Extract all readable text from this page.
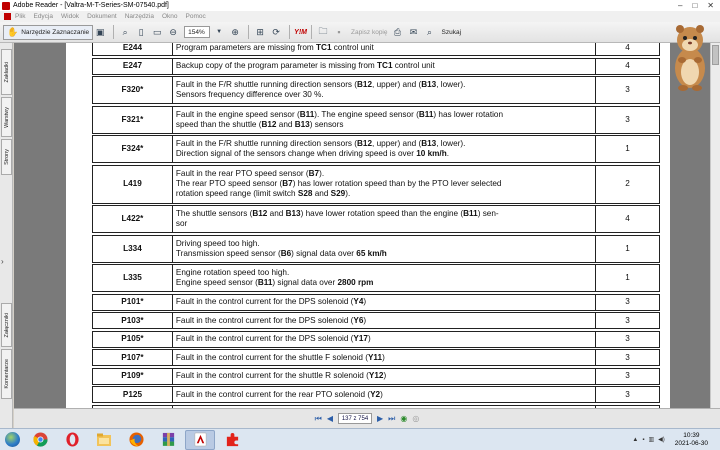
Adobe Reader - [Valtra-M-T-Series-SM-07540.pdf]	– □ ✕
Plik Edycja Widok Dokument Narzędzia Okno Pomoc
✋ Narzędzie Zaznaczanie ▣ ⌕ ▯ ▭ ⊖ 154% ▼ ⊕ ⊞ ⟳ Y!M 🗀 ▪ Zapisz kopię ⎙ ✉ ⌕ Szukaj
Zakładki
Warstwy
Strony
›
Załączniki
Komentarze
E244	Program parameters are missing from TC1 control unit	4

E247	Backup copy of the program parameter is missing from TC1 control unit	4

F320*	Fault in the F/R shuttle running direction sensors (B12, upper) and (B13, lower).
Sensors frequency difference over 30 %.	3

F321*	Fault in the engine speed sensor (B11). The engine speed sensor (B11) has lower rotation
speed than the shuttle (B12 and B13) sensors	3

F324*	Fault in the F/R shuttle running direction sensors (B12, upper) and (B13, lower).
Direction signal of the sensors change when driving speed is over 10 km/h.	1

L419	Fault in the rear PTO speed sensor (B7).
The rear PTO speed sensor (B7) has lower rotation speed than by the PTO lever selected
rotation speed range (limit switch S28 and S29).	2

L422*	The shuttle sensors (B12 and B13) have lower rotation speed than the engine (B11) sen-
sor	4

L334	Driving speed too high.
Transmission speed sensor (B6) signal data over 65 km/h	1

L335	Engine rotation speed too high.
Engine speed sensor (B11) signal data over 2800 rpm	1

P101*	Fault in the control current for the DPS solenoid (Y4)	3

P103*	Fault in the control current for the DPS solenoid (Y6)	3

P105*	Fault in the control current for the DPS solenoid (Y17)	3

P107*	Fault in the control current for the shuttle F solenoid (Y11)	3

P109*	Fault in the control current for the shuttle R solenoid (Y12)	3

P125	Fault in the control current for the rear PTO solenoid (Y2)	3

⏮ ◀ 137 z 754 ▶ ⏭ ◉ ◎
▲ ▪ ▥ ◀)
10:39
2021-06-30
